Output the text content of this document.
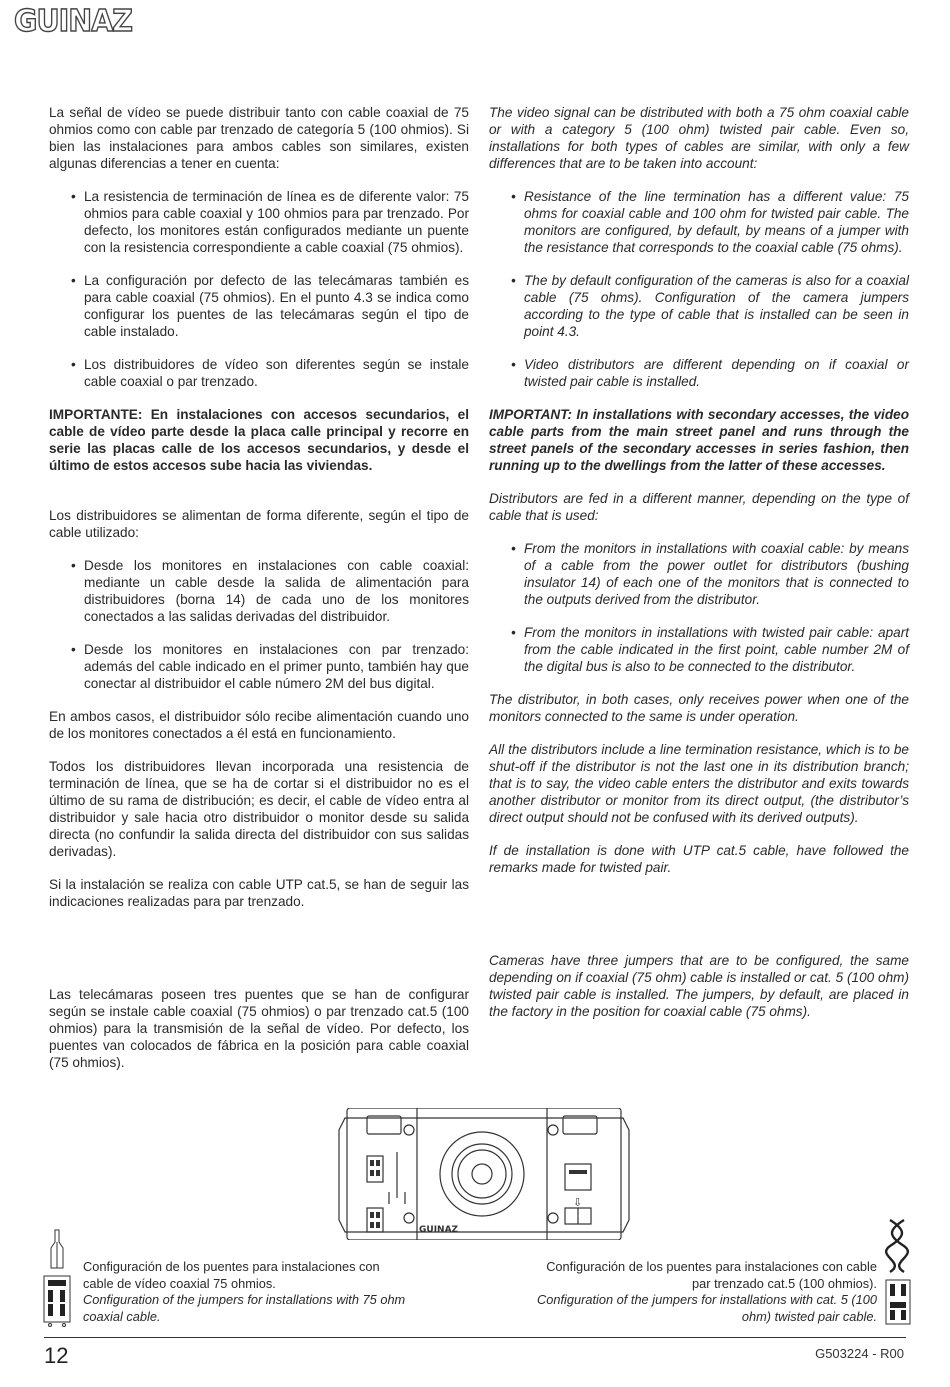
GUINAZ

La señal de vídeo se puede distribuir tanto con cable coaxial de 75 ohmios como con cable par trenzado de categoría 5 (100 ohmios). Si bien las instalaciones para ambos cables son similares, existen algunas diferencias a tener en cuenta:

• La resistencia de terminación de línea es de diferente valor: 75 ohmios para cable coaxial y 100 ohmios para par trenzado. Por defecto, los monitores están configurados mediante un puente con la resistencia correspondiente a cable coaxial (75 ohmios).
• La configuración por defecto de las telecámaras también es para cable coaxial (75 ohmios). En el punto 4.3 se indica como configurar los puentes de las telecámaras según el tipo de cable instalado.
• Los distribuidores de vídeo son diferentes según se instale cable coaxial o par trenzado.

IMPORTANTE: En instalaciones con accesos secundarios, el cable de vídeo parte desde la placa calle principal y recorre en serie las placas calle de los accesos secundarios, y desde el último de estos accesos sube hacia las viviendas.

Los distribuidores se alimentan de forma diferente, según el tipo de cable utilizado:

• Desde los monitores en instalaciones con cable coaxial: mediante un cable desde la salida de alimentación para distribuidores (borna 14) de cada uno de los monitores conectados a las salidas derivadas del distribuidor.
• Desde los monitores en instalaciones con par trenzado: además del cable indicado en el primer punto, también hay que conectar al distribuidor el cable número 2M del bus digital.

En ambos casos, el distribuidor sólo recibe alimentación cuando uno de los monitores conectados a él está en funcionamiento.

Todos los distribuidores llevan incorporada una resistencia de terminación de línea, que se ha de cortar si el distribuidor no es el último de su rama de distribución; es decir, el cable de vídeo entra al distribuidor y sale hacia otro distribuidor o monitor desde su salida directa (no confundir la salida directa del distribuidor con sus salidas derivadas).

Si la instalación se realiza con cable UTP cat.5, se han de seguir las indicaciones realizadas para par trenzado.

Las telecámaras poseen tres puentes que se han de configurar según se instale cable coaxial (75 ohmios) o par trenzado cat.5 (100 ohmios) para la transmisión de la señal de vídeo. Por defecto, los puentes van colocados de fábrica en la posición para cable coaxial (75 ohmios).

The video signal can be distributed with both a 75 ohm coaxial cable or with a category 5 (100 ohm) twisted pair cable. Even so, installations for both types of cables are similar, with only a few differences that are to be taken into account:

• Resistance of the line termination has a different value: 75 ohms for coaxial cable and 100 ohm for twisted pair cable. The monitors are configured, by default, by means of a jumper with the resistance that corresponds to the coaxial cable (75 ohms).
• The by default configuration of the cameras is also for a coaxial cable (75 ohms). Configuration of the camera jumpers according to the type of cable that is installed can be seen in point 4.3.
• Video distributors are different depending on if coaxial or twisted pair cable is installed.

IMPORTANT: In installations with secondary accesses, the video cable parts from the main street panel and runs through the street panels of the secondary accesses in series fashion, then running up to the dwellings from the latter of these accesses.

Distributors are fed in a different manner, depending on the type of cable that is used:

• From the monitors in installations with coaxial cable: by means of a cable from the power outlet for distributors (bushing insulator 14) of each one of the monitors that is connected to the outputs derived from the distributor.
• From the monitors in installations with twisted pair cable: apart from the cable indicated in the first point, cable number 2M of the digital bus is also to be connected to the distributor.

The distributor, in both cases, only receives power when one of the monitors connected to the same is under operation.

All the distributors include a line termination resistance, which is to be shut-off if the distributor is not the last one in its distribution branch; that is to say, the video cable enters the distributor and exits towards another distributor or monitor from its direct output, (the distributor’s direct output should not be confused with its derived outputs).

If de installation is done with UTP cat.5 cable, have followed the remarks made for twisted pair.

Cameras have three jumpers that are to be configured, the same depending on if coaxial (75 ohm) cable is installed or cat. 5 (100 ohm) twisted pair cable is installed. The jumpers, by default, are placed in the factory in the position for coaxial cable (75 ohms).

GUINAZ
⇩
Configuración de los puentes para instalaciones con cable de vídeo coaxial 75 ohmios.
Configuration of the jumpers for installations with 75 ohm coaxial cable.
Configuración de los puentes para instalaciones con cable par trenzado cat.5 (100 ohmios).
Configuration of the jumpers for installations with cat. 5 (100 ohm) twisted pair cable.
12	G503224 - R00
